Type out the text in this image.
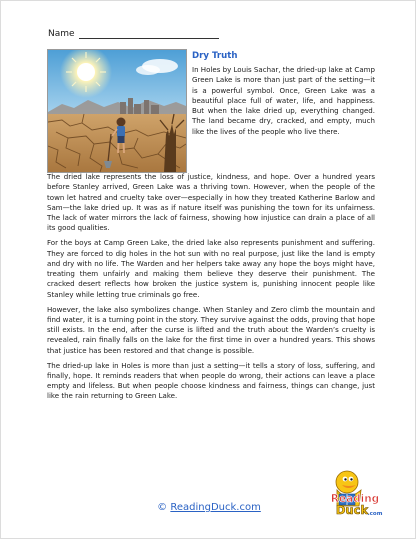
Name
Dry Truth
In Holes by Louis Sachar, the dried-up lake at Camp Green Lake is more than just part of the setting—it is a powerful symbol. Once, Green Lake was a beautiful place full of water, life, and happiness. But when the lake dried up, everything changed. The land became dry, cracked, and empty, much like the lives of the people who live there.

The dried lake represents the loss of justice, kindness, and hope. Over a hundred years before Stanley arrived, Green Lake was a thriving town. However, when the people of the town let hatred and cruelty take over—especially in how they treated Katherine Barlow and Sam—the lake dried up. It was as if nature itself was punishing the town for its unfairness. The lack of water mirrors the lack of fairness, showing how injustice can drain a place of all its good qualities.

For the boys at Camp Green Lake, the dried lake also represents punishment and suffering. They are forced to dig holes in the hot sun with no real purpose, just like the land is empty and dry with no life. The Warden and her helpers take away any hope the boys might have, treating them unfairly and making them believe they deserve their punishment. The cracked desert reflects how broken the justice system is, punishing innocent people like Stanley while letting true criminals go free.

However, the lake also symbolizes change. When Stanley and Zero climb the mountain and find water, it is a turning point in the story. They survive against the odds, proving that hope still exists. In the end, after the curse is lifted and the truth about the Warden’s cruelty is revealed, rain finally falls on the lake for the first time in over a hundred years. This shows that justice has been restored and that change is possible.

The dried-up lake in Holes is more than just a setting—it tells a story of loss, suffering, and finally, hope. It reminds readers that when people do wrong, their actions can leave a place empty and lifeless. But when people choose kindness and fairness, things can change, just like the rain returning to Green Lake.

© ReadingDuck.com
Reading
Duck .com
